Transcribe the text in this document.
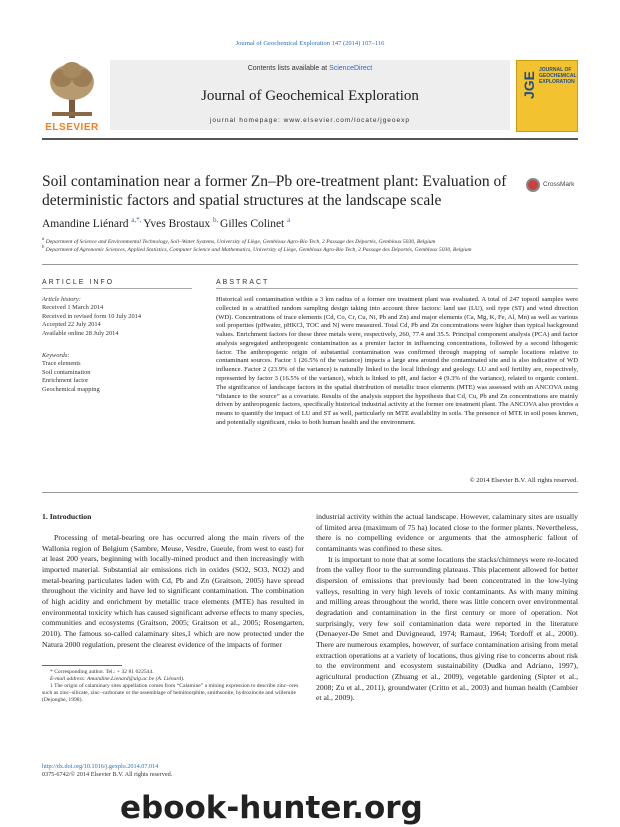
Journal of Geochemical Exploration 147 (2014) 107–116
ELSEVIER
Contents lists available at ScienceDirect
Journal of Geochemical Exploration
journal homepage: www.elsevier.com/locate/jgeoexp
JGE
JOURNAL OF GEOCHEMICAL EXPLORATION
Soil contamination near a former Zn–Pb ore-treatment plant: Evaluation of deterministic factors and spatial structures at the landscape scale
CrossMark
Amandine Liénard $^{a,*,}$ Yves Brostaux $^{b,}$ Gilles Colinet $^a$
$^a$ Department of Science and Environmental Technology, Soil–Water Systems, University of Liège, Gembloux Agro-Bio Tech, 2 Passage des Déportés, Gembloux 5030, Belgium
$^b$ Department of Agronomic Sciences, Applied Statistics, Computer Science and Mathematics, University of Liège, Gembloux Agro-Bio Tech, 2 Passage des Déportés, Gembloux 5030, Belgium
ARTICLE INFO	ABSTRACT
Article history:
Received 1 March 2014
Received in revised form 10 July 2014
Accepted 22 July 2014
Available online 28 July 2014
Keywords:
Trace elements
Soil contamination
Enrichment factor
Geochemical mapping
Historical soil contamination within a 3 km radius of a former ore treatment plant was evaluated. A total of 247 topsoil samples were collected in a stratified random sampling design taking into account three factors: land use (LU), soil type (ST) and wind direction (WD). Concentrations of trace elements (Cd, Co, Cr, Cu, Ni, Pb and Zn) and major elements (Ca, Mg, K, Fe, Al, Mn) as well as various soil properties (pHwater, pHKCl, TOC and N) were measured. Total Cd, Pb and Zn concentrations were higher than typical background values. Enrichment factors for these three metals were, respectively, 260, 77.4 and 35.5. Principal component analysis (PCA) and factor analysis segregated anthropogenic contamination as a premier factor in influencing concentrations, followed by a second lithogenic factor. The anthropogenic origin of substantial contamination was confirmed through mapping of sample locations relative to contaminant sources. Factor 1 (26.5% of the variance) impacts a large area around the contaminated site and is also indicative of WD influence. Factor 2 (23.9% of the variance) is naturally linked to the local lithology and geology. LU and soil fertility are, respectively, represented by factor 3 (16.5% of the variance), which is linked to pH, and factor 4 (9.3% of the variance), related to organic content. The significance of landscape factors in the spatial distribution of metallic trace elements (MTE) was assessed with an ANCOVA using “distance to the source” as a covariate. Results of the analysis support the hypothesis that Cd, Cu, Pb and Zn concentrations are mainly driven by anthropogenic factors, specifically historical industrial activity at the former ore treatment plant. The ANCOVA also provides a means to quantify the impact of LU and ST as well, particularly on MTE availability in soils. The presence of MTE in soil poses known, and potentially significant, risks to both human health and the environment.
© 2014 Elsevier B.V. All rights reserved.
1. Introduction

Processing of metal-bearing ore has occurred along the main rivers of the Wallonia region of Belgium (Sambre, Meuse, Vesdre, Gueule, from west to east) for at least 200 years, beginning with locally-mined product and then increasingly with imported material. Substantial air emissions rich in oxides (SO2, SO3, NO2) and metal-bearing particulates laden with Cd, Pb and Zn (Graitson, 2005) have spread throughout the vicinity and have led to significant contamination. The combination of high acidity and enrichment by metallic trace elements (MTE) has resulted in environmental toxicity which has caused significant adverse effects to many species, communities and ecosystems (Graitson, 2005; Graitson et al., 2005; Rosengarten, 2010). The famous so-called calaminary sites,1 which are now protected under the Natura 2000 regulation, present the clearest evidence of the impacts of former

industrial activity within the actual landscape. However, calaminary sites are usually of limited area (maximum of 75 ha) located close to the former plants. Nevertheless, there is no compelling evidence or arguments that the atmospheric fallout of contaminants was confined to these sites.

It is important to note that at some locations the stacks/chimneys were re-located from the valley floor to the surrounding plateaus. This placement allowed for better dispersion of emissions that previously had been concentrated in the low-lying valleys, resulting in very high levels of toxic contaminants. As with many mining and milling areas throughout the world, there was little concern over environmental degradation and contamination in the first century or more of operation. Not surprisingly, very few soil contamination data were reported in the literature (Denaeyer-De Smet and Duvigneaud, 1974; Ramaut, 1964; Tordoff et al., 2000). There are numerous examples, however, of surface contamination arising from metal extraction operations at a variety of locations, thus giving rise to concerns about risk to the environment and ecosystem sustainability (Dudka and Adriano, 1997), agricultural production (Zhuang et al., 2009), vegetable gardening (Sipter et al., 2008; Zu et al., 2011), groundwater (Critto et al., 2003) and human health (Cambier et al., 2009).

* Corresponding author. Tel.: + 32 81 622544.
E-mail address: Amandine.Lienard@ulg.ac.be (A. Liénard).
1 The origin of calaminary sites appellation comes from “Calamine” a mining expression to describe zinc–ores such as zinc–silicate, zinc–carbonate or the assemblage of hemimorphite, smithsonite, hydrozincite and willemite (Dejonghe, 1998).
http://dx.doi.org/10.1016/j.gexplo.2014.07.014
0375-6742/© 2014 Elsevier B.V. All rights reserved.
ebook-hunter.org
